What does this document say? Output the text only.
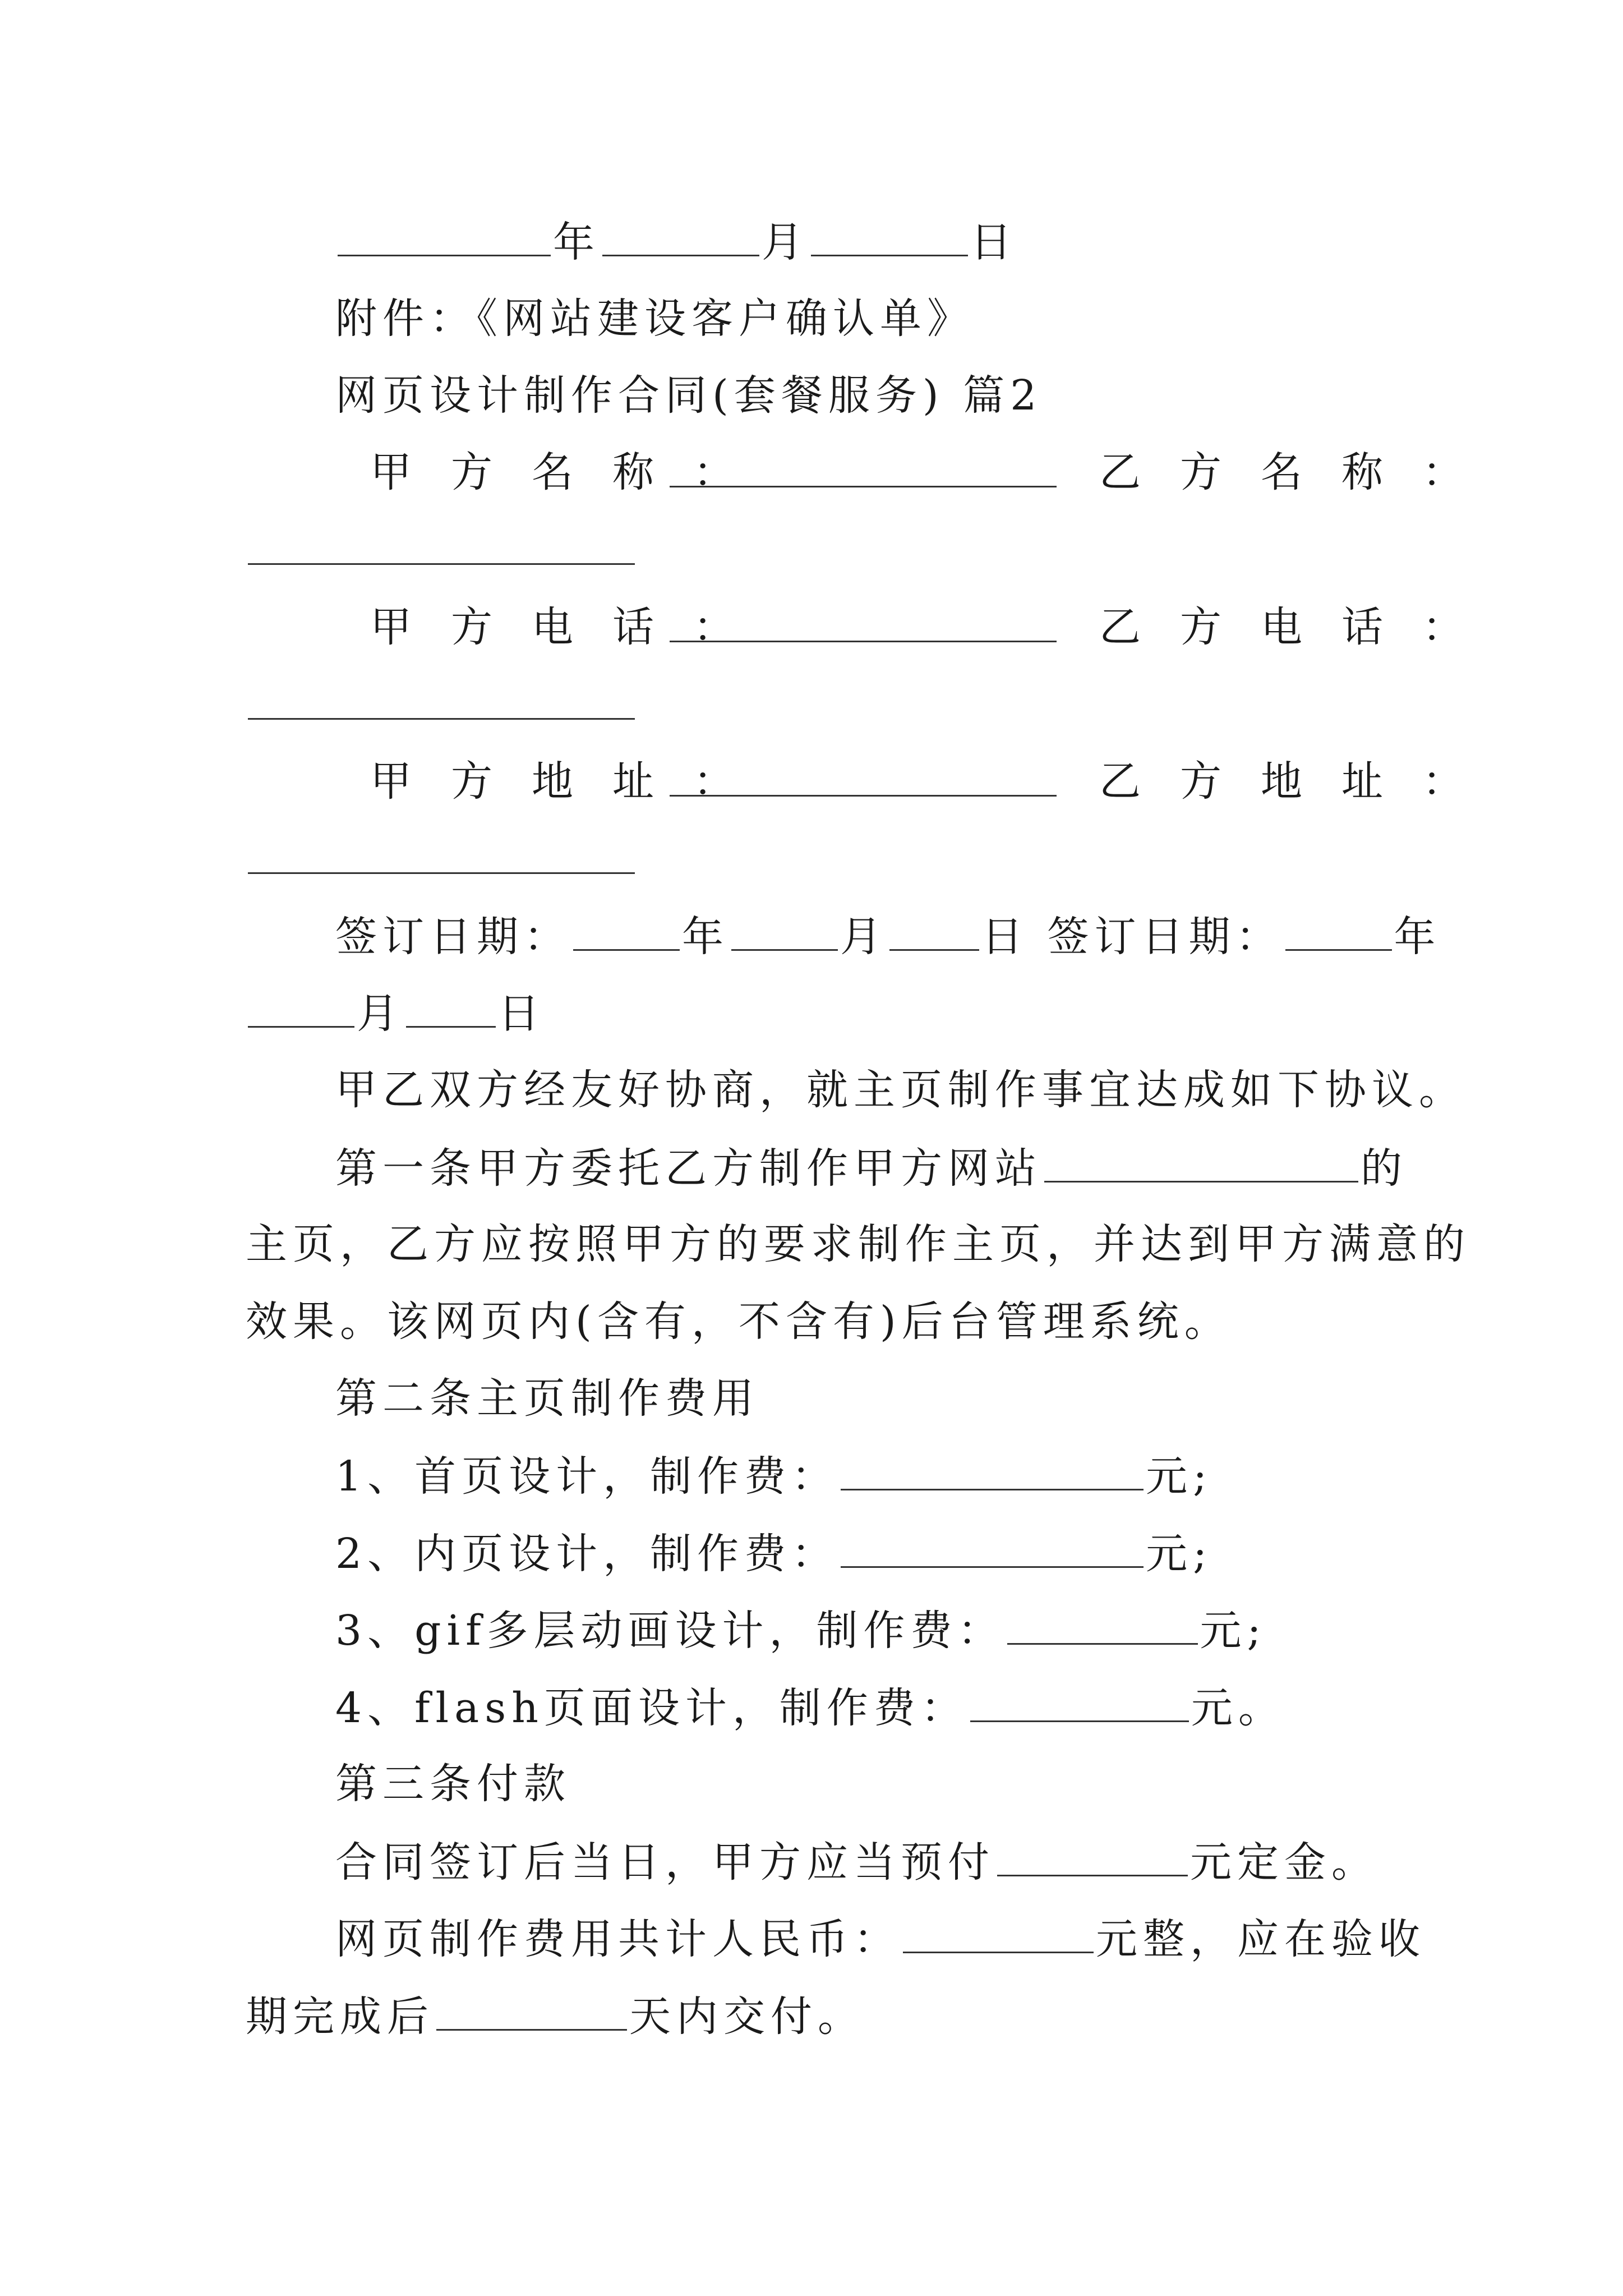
年	月	日
附件：《网站建设客户确认单》
网页设计制作合同(套餐服务) 篇2
甲方名称：	乙方名称：
甲方电话：	乙方电话：
甲方地址：	乙方地址：
签订日期：	年	月 日 签订日期：	年
月 日
甲乙双方经友好协商，就主页制作事宜达成如下协议。
第一条甲方委托乙方制作甲方网站	的
主页，乙方应按照甲方的要求制作主页，并达到甲方满意的
效果。该网页内(含有，不含有)后台管理系统。
第二条主页制作费用
1、首页设计，制作费：	元;
2、内页设计，制作费：	元;
3、gif多层动画设计，制作费：	元;
4、flash页面设计，制作费：	元。
第三条付款
合同签订后当日，甲方应当预付	元定金。
网页制作费用共计人民币：	元整，应在验收
期完成后	天内交付。
